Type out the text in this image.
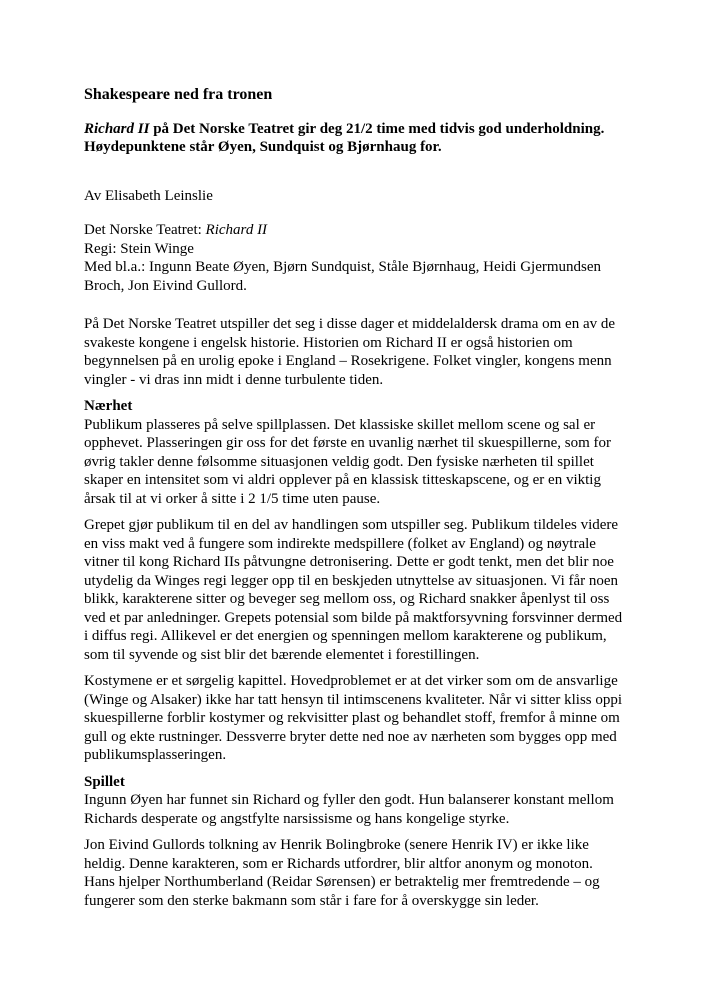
Shakespeare ned fra tronen

Richard II på Det Norske Teatret gir deg 21/2 time med tidvis god underholdning. Høydepunktene står Øyen, Sundquist og Bjørnhaug for.

Av Elisabeth Leinslie

Det Norske Teatret: Richard II

Regi: Stein Winge

Med bl.a.: Ingunn Beate Øyen, Bjørn Sundquist, Ståle Bjørnhaug, Heidi Gjermundsen Broch, Jon Eivind Gullord.

På Det Norske Teatret utspiller det seg i disse dager et middelaldersk drama om en av de svakeste kongene i engelsk historie. Historien om Richard II er også historien om begynnelsen på en urolig epoke i England – Rosekrigene. Folket vingler, kongens menn vingler - vi dras inn midt i denne turbulente tiden.

Nærhet

Publikum plasseres på selve spillplassen. Det klassiske skillet mellom scene og sal er opphevet. Plasseringen gir oss for det første en uvanlig nærhet til skuespillerne, som for øvrig takler denne følsomme situasjonen veldig godt. Den fysiske nærheten til spillet skaper en intensitet som vi aldri opplever på en klassisk titteskapscene, og er en viktig årsak til at vi orker å sitte i 2 1/5 time uten pause.

Grepet gjør publikum til en del av handlingen som utspiller seg. Publikum tildeles videre en viss makt ved å fungere som indirekte medspillere (folket av England) og nøytrale vitner til kong Richard IIs påtvungne detronisering. Dette er godt tenkt, men det blir noe utydelig da Winges regi legger opp til en beskjeden utnyttelse av situasjonen. Vi får noen blikk, karakterene sitter og beveger seg mellom oss, og Richard snakker åpenlyst til oss ved et par anledninger. Grepets potensial som bilde på maktforsyvning forsvinner dermed i diffus regi. Allikevel er det energien og spenningen mellom karakterene og publikum, som til syvende og sist blir det bærende elementet i forestillingen.

Kostymene er et sørgelig kapittel. Hovedproblemet er at det virker som om de ansvarlige (Winge og Alsaker) ikke har tatt hensyn til intimscenens kvaliteter. Når vi sitter kliss oppi skuespillerne forblir kostymer og rekvisitter plast og behandlet stoff, fremfor å minne om gull og ekte rustninger. Dessverre bryter dette ned noe av nærheten som bygges opp med publikumsplasseringen.

Spillet

Ingunn Øyen har funnet sin Richard og fyller den godt. Hun balanserer konstant mellom Richards desperate og angstfylte narsissisme og hans kongelige styrke.

Jon Eivind Gullords tolkning av Henrik Bolingbroke (senere Henrik IV) er ikke like heldig. Denne karakteren, som er Richards utfordrer, blir altfor anonym og monoton. Hans hjelper Northumberland (Reidar Sørensen) er betraktelig mer fremtredende – og fungerer som den sterke bakmann som står i fare for å overskygge sin leder.
